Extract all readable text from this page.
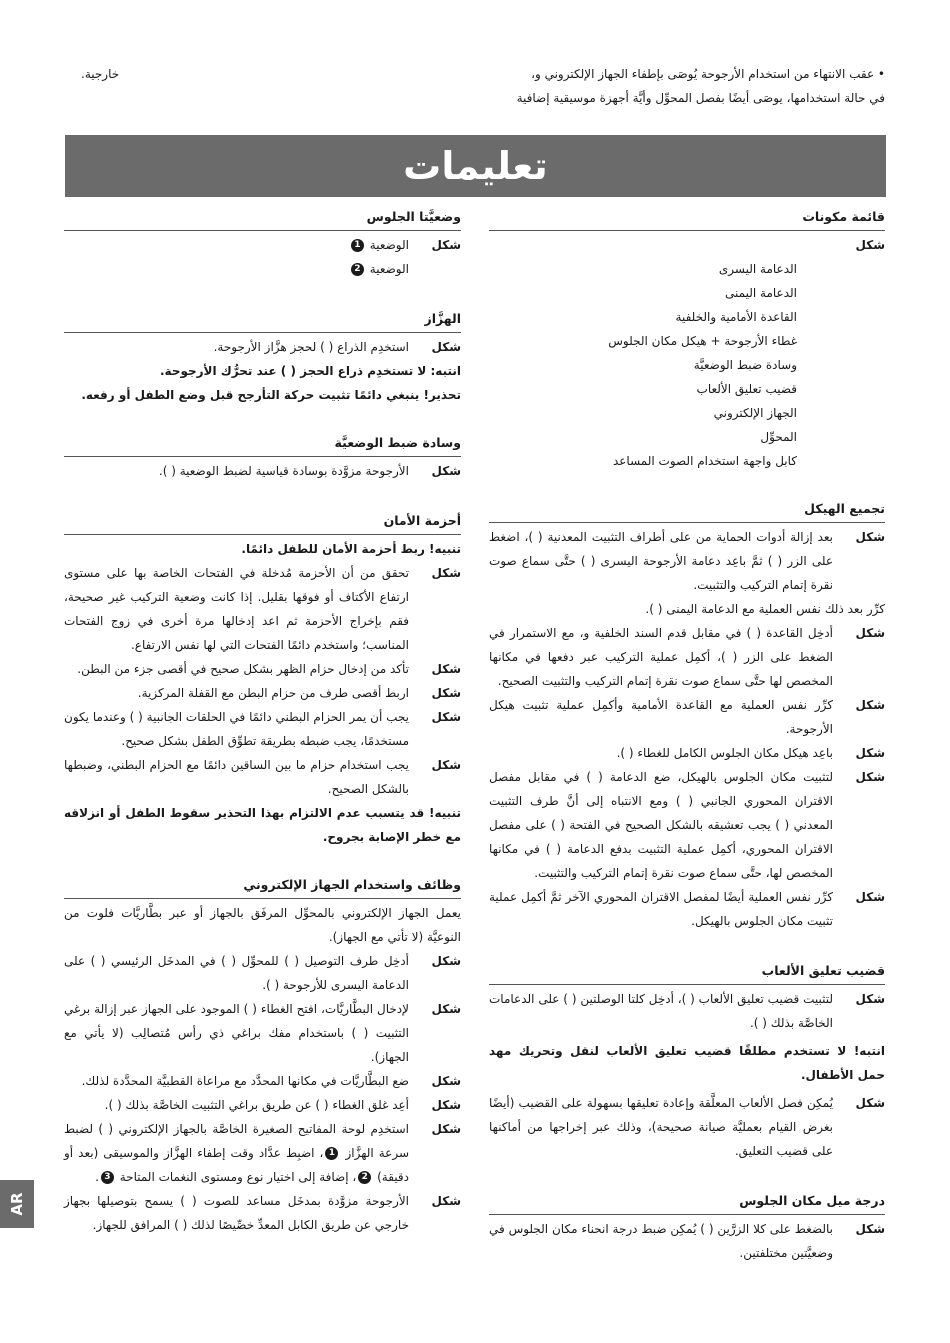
• عقب الانتهاء من استخدام الأرجوحة يُوصَى بإطفاء الجهاز الإلكتروني و،
في حالة استخدامها، يوصَى أيضًا بفصل المحوِّل وأيَّة أجهزة موسيقية إضافية
خارجية.
تعليمات
قائمة مكونات
شكل
الدعامة اليسرى
الدعامة اليمنى
القاعدة الأمامية والخلفية
غطاء الأرجوحة + هيكل مكان الجلوس
وسادة ضبط الوضعيَّة
قضيب تعليق الألعاب
الجهاز الإلكتروني
المحوِّل
كابل واجهة استخدام الصوت المساعد
تجميع الهيكل
شكل
بعد إزالة أدوات الحماية من على أطراف التثبيت المعدنية ( )، اضغط على الزر ( ) ثمَّ باعِد دعامة الأرجوحة اليسرى ( ) حتَّى سماع صوت نقرة إتمام التركيب والتثبيت.
كرِّر بعد ذلك نفس العملية مع الدعامة اليمنى ( ).
شكل
أدخِل القاعدة ( ) في مقابل قدم السند الخلفية و، مع الاستمرار في الضغط على الزر ( )، أكمِل عملية التركيب عبر دفعها في مكانها المخصص لها حتَّى سماع صوت نقرة إتمام التركيب والتثبيت الصحيح.
شكل
كرِّر نفس العملية مع القاعدة الأمامية وأكمِل عملية تثبيت هيكل الأرجوحة.
شكل
باعِد هيكل مكان الجلوس الكامل للغطاء ( ).
شكل
لتثبيت مكان الجلوس بالهيكل، ضع الدعامة ( ) في مقابل مفصل الاقتران المحوري الجانبي ( ) ومع الانتباه إلى أنَّ طرف التثبيت المعدني ( ) يجب تعشيقه بالشكل الصحيح في الفتحة ( ) على مفصل الاقتران المحوري، أكمِل عملية التثبيت بدفع الدعامة ( ) في مكانها المخصص لها، حتَّى سماع صوت نقرة إتمام التركيب والتثبيت.
شكل
كرِّر نفس العملية أيضًا لمفصل الاقتران المحوري الآخر ثمَّ أكمِل عملية تثبيت مكان الجلوس بالهيكل.
قضيب تعليق الألعاب
شكل
لتثبيت قضيب تعليق الألعاب ( )، أدخِل كلتا الوصلتين ( ) على الدعامات الخاصَّة بذلك ( ).
انتبه! لا تستخدم مطلقًا قضيب تعليق الألعاب لنقل وتحريك مهد حمل الأطفال.
شكل
يُمكِن فصل الألعاب المعلَّقة وإعادة تعليقها بسهولة على القضيب (أيضًا بغرض القيام بعمليَّة صيانة صحيحة)، وذلك عبر إخراجها من أماكنها على قضيب التعليق.
درجة ميل مكان الجلوس
شكل
بالضغط على كلا الزرَّين ( ) يُمكِن ضبط درجة انحناء مكان الجلوس في وضعيَّتين مختلفتين.
وضعيَّتا الجلوس
شكل
الوضعية 1
الوضعية 2
الهزَّاز
شكل
استخدِم الذراع ( ) لحجز هزَّاز الأرجوحة.
انتبه: لا تستخدِم ذراع الحجز ( ) عند تحرُّك الأرجوحة.
تحذير! ينبغي دائمًا تثبيت حركة التأرجح قبل وضع الطفل أو رفعه.
وسادة ضبط الوضعيَّة
شكل
الأرجوحة مزوَّدة بوسادة قياسية لضبط الوضعية ( ).
أحزمة الأمان
تنبيه! ربط أحزمة الأمان للطفل دائمًا.
شكل
تحقق من أن الأحزمة مُدخلة في الفتحات الخاصة بها على مستوى ارتفاع الأكتاف أو فوقها بقليل. إذا كانت وضعية التركيب غير صحيحة، فقم بإخراج الأحزمة ثم اعد إدخالها مرة أخرى في زوج الفتحات المناسب؛ واستخدم دائمًا الفتحات التي لها نفس الارتفاع.
شكل
تأكد من إدخال حزام الظهر بشكل صحيح في أقصى جزء من البطن.
شكل
اربط أقصى طرف من حزام البطن مع القفلة المركزية.
شكل
يجب أن يمر الحزام البطني دائمًا في الحلقات الجانبية ( ) وعندما يكون مستخدمًا، يجب ضبطه بطريقة تطوِّق الطفل بشكل صحيح.
شكل
يجب استخدام حزام ما بين الساقين دائمًا مع الحزام البطني، وضبطها بالشكل الصحيح.
تنبيه! قد يتسبب عدم الالتزام بهذا التحذير سقوط الطفل أو انزلاقه مع خطر الإصابة بجروح.
وظائف واستخدام الجهاز الإلكتروني
يعمل الجهاز الإلكتروني بالمحوِّل المرفَق بالجهاز أو عبر بطَّاريَّات فلوت من النوعيَّة (لا تأتي مع الجهاز).
شكل
أدخِل طرف التوصيل ( ) للمحوِّل ( ) في المدخَل الرئيسي ( ) على الدعامة اليسرى للأرجوحة ( ).
شكل
لإدخال البطَّاريَّات، افتح الغطاء ( ) الموجود على الجهاز عبر إزالة برغي التثبيت ( ) باستخدام مفك براغي ذي رأس مُتصالِب (لا يأتي مع الجهاز).
شكل
ضع البطَّاريَّات في مكانها المحدَّد مع مراعاة القطبيَّة المحدَّدة لذلك.
شكل
أعِد غلق الغطاء ( ) عن طريق براغي التثبيت الخاصَّة بذلك ( ).
شكل
استخدِم لوحة المفاتيح الصغيرة الخاصَّة بالجهاز الإلكتروني ( ) لضبط سرعة الهزَّاز 1، اضبِط عدَّاد وقت إطفاء الهزَّاز والموسيقى (بعد أو دقيقة) 2، إضافة إلى اختيار نوع ومستوى النغمات المتاحة 3.
شكل
الأرجوحة مزوَّدة بمدخَل مساعد للصوت ( ) يسمح بتوصيلها بجهاز خارجي عن طريق الكابل المعدِّ خصِّيصًا لذلك ( ) المرافق للجهاز.
AR
